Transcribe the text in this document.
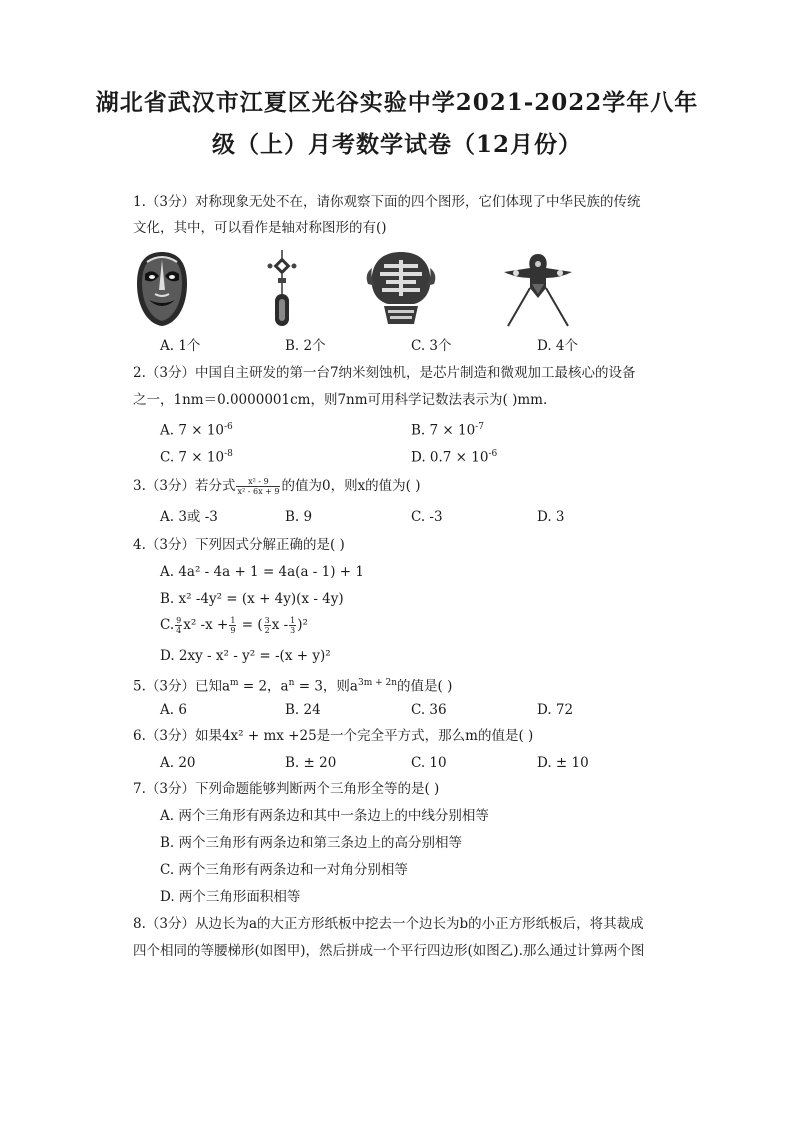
湖北省武汉市江夏区光谷实验中学2021-2022学年八年
级（上）月考数学试卷（12月份）
1.（3分）对称现象无处不在，请你观察下面的四个图形，它们体现了中华民族的传统
文化，其中，可以看作是轴对称图形的有()
A. 1个	B. 2个	C. 3个	D. 4个
2.（3分）中国自主研发的第一台7纳米刻蚀机，是芯片制造和微观加工最核心的设备
之一，1nm＝0.0000001cm，则7nm可用科学记数法表示为( )mm.
A. $7 \times 10^{-6}$	B. $7 \times 10^{-7}$
C. $7 \times 10^{-8}$	D. $0.7 \times 10^{-6}$
3.（3分）若分式 $\frac{\text{x² - 9}}{\text{x² - 6x + 9}}$ 的值为0，则x的值为( )
A. 3或 -3	B. 9	C. -3	D. 3
4.（3分）下列因式分解正确的是( )
A. 4a² - 4a + 1 = 4a(a - 1) + 1
B. x² -4y² = (x + 4y)(x - 4y)
C. $\frac{9}{4} x^2$ $-x + \frac{1}{9}$ = ( $\frac{3}{2}$ x - $\frac{1}{3} )^2$
D. 2xy - x² - y² = -(x + y)²
5.（3分）已知$a^m = 2$，$a^n = 3$，则$a^{3m + 2n}$的值是( )
A. 6	B. 24	C. 36	D. 72
6.（3分）如果4x² + mx +25是一个完全平方式，那么m的值是( )
A. 20	B. ± 20	C. 10	D. ± 10
7.（3分）下列命题能够判断两个三角形全等的是( )
A. 两个三角形有两条边和其中一条边上的中线分别相等
B. 两个三角形有两条边和第三条边上的高分别相等
C. 两个三角形有两条边和一对角分别相等
D. 两个三角形面积相等
8.（3分）从边长为a的大正方形纸板中挖去一个边长为b的小正方形纸板后，将其裁成
四个相同的等腰梯形(如图甲)，然后拼成一个平行四边形(如图乙).那么通过计算两个图
